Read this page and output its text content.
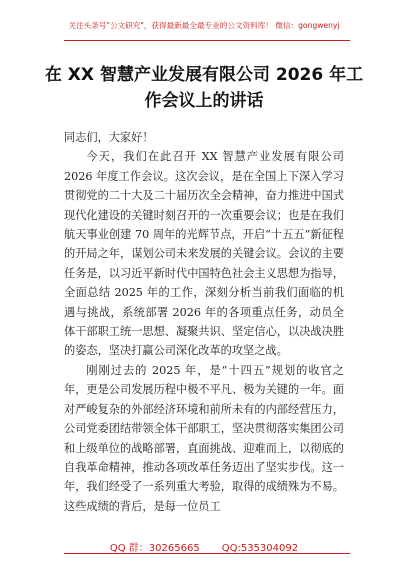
关注头条号"公文研究"，获得最新最全最专业的公文资料库！ 微信：gongwenyj
在 XX 智慧产业发展有限公司 2026 年工
作会议上的讲话

同志们，大家好！

今天，我们在此召开 XX 智慧产业发展有限公司 2026 年度工作会议。这次会议，是在全国上下深入学习贯彻党的二十大及二十届历次全会精神，奋力推进中国式现代化建设的关键时刻召开的一次重要会议；也是在我们航天事业创建 70 周年的光辉节点，开启“十五五”新征程的开局之年，谋划公司未来发展的关键会议。会议的主要任务是，以习近平新时代中国特色社会主义思想为指导，全面总结 2025 年的工作，深刻分析当前我们面临的机遇与挑战，系统部署 2026 年的各项重点任务，动员全体干部职工统一思想、凝聚共识、坚定信心，以决战决胜的姿态，坚决打赢公司深化改革的攻坚之战。

刚刚过去的 2025 年，是“十四五”规划的收官之年，更是公司发展历程中极不平凡、极为关键的一年。面对严峻复杂的外部经济环境和前所未有的内部经营压力，公司党委团结带领全体干部职工，坚决贯彻落实集团公司和上级单位的战略部署，直面挑战、迎难而上，以彻底的自我革命精神，推动各项改革任务迈出了坚实步伐。这一年，我们经受了一系列重大考验，取得的成绩殊为不易。这些成绩的背后，是每一位员工

QQ 群：30265665 QQ:535304092
